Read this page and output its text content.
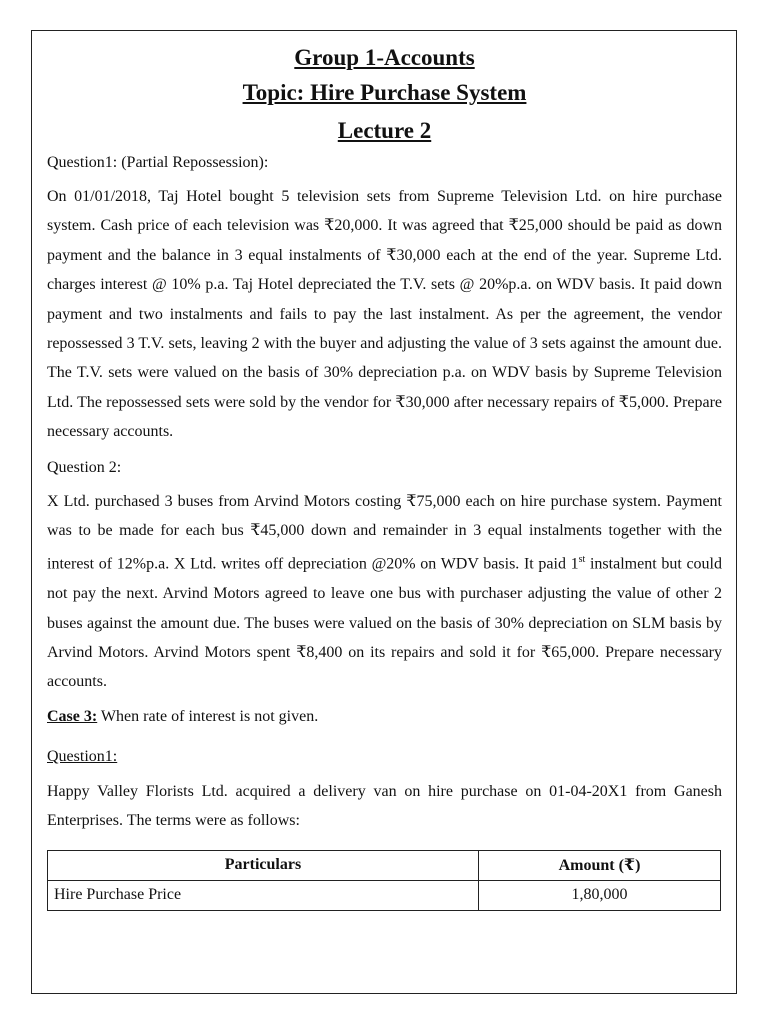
Group 1-Accounts
Topic: Hire Purchase System
Lecture 2

Question1: (Partial Repossession):

On 01/01/2018, Taj Hotel bought 5 television sets from Supreme Television Ltd. on hire purchase system. Cash price of each television was ₹20,000. It was agreed that ₹25,000 should be paid as down payment and the balance in 3 equal instalments of ₹30,000 each at the end of the year. Supreme Ltd. charges interest @ 10% p.a. Taj Hotel depreciated the T.V. sets @ 20%p.a. on WDV basis. It paid down payment and two instalments and fails to pay the last instalment. As per the agreement, the vendor repossessed 3 T.V. sets, leaving 2 with the buyer and adjusting the value of 3 sets against the amount due. The T.V. sets were valued on the basis of 30% depreciation p.a. on WDV basis by Supreme Television Ltd. The repossessed sets were sold by the vendor for ₹30,000 after necessary repairs of ₹5,000. Prepare necessary accounts.

Question 2:

X Ltd. purchased 3 buses from Arvind Motors costing ₹75,000 each on hire purchase system. Payment was to be made for each bus ₹45,000 down and remainder in 3 equal instalments together with the interest of 12%p.a. X Ltd. writes off depreciation @20% on WDV basis. It paid 1st instalment but could not pay the next. Arvind Motors agreed to leave one bus with purchaser adjusting the value of other 2 buses against the amount due. The buses were valued on the basis of 30% depreciation on SLM basis by Arvind Motors. Arvind Motors spent ₹8,400 on its repairs and sold it for ₹65,000. Prepare necessary accounts.

Case 3: When rate of interest is not given.

Question1:

Happy Valley Florists Ltd. acquired a delivery van on hire purchase on 01-04-20X1 from Ganesh Enterprises. The terms were as follows:

Particulars	Amount (₹)
Hire Purchase Price	1,80,000
